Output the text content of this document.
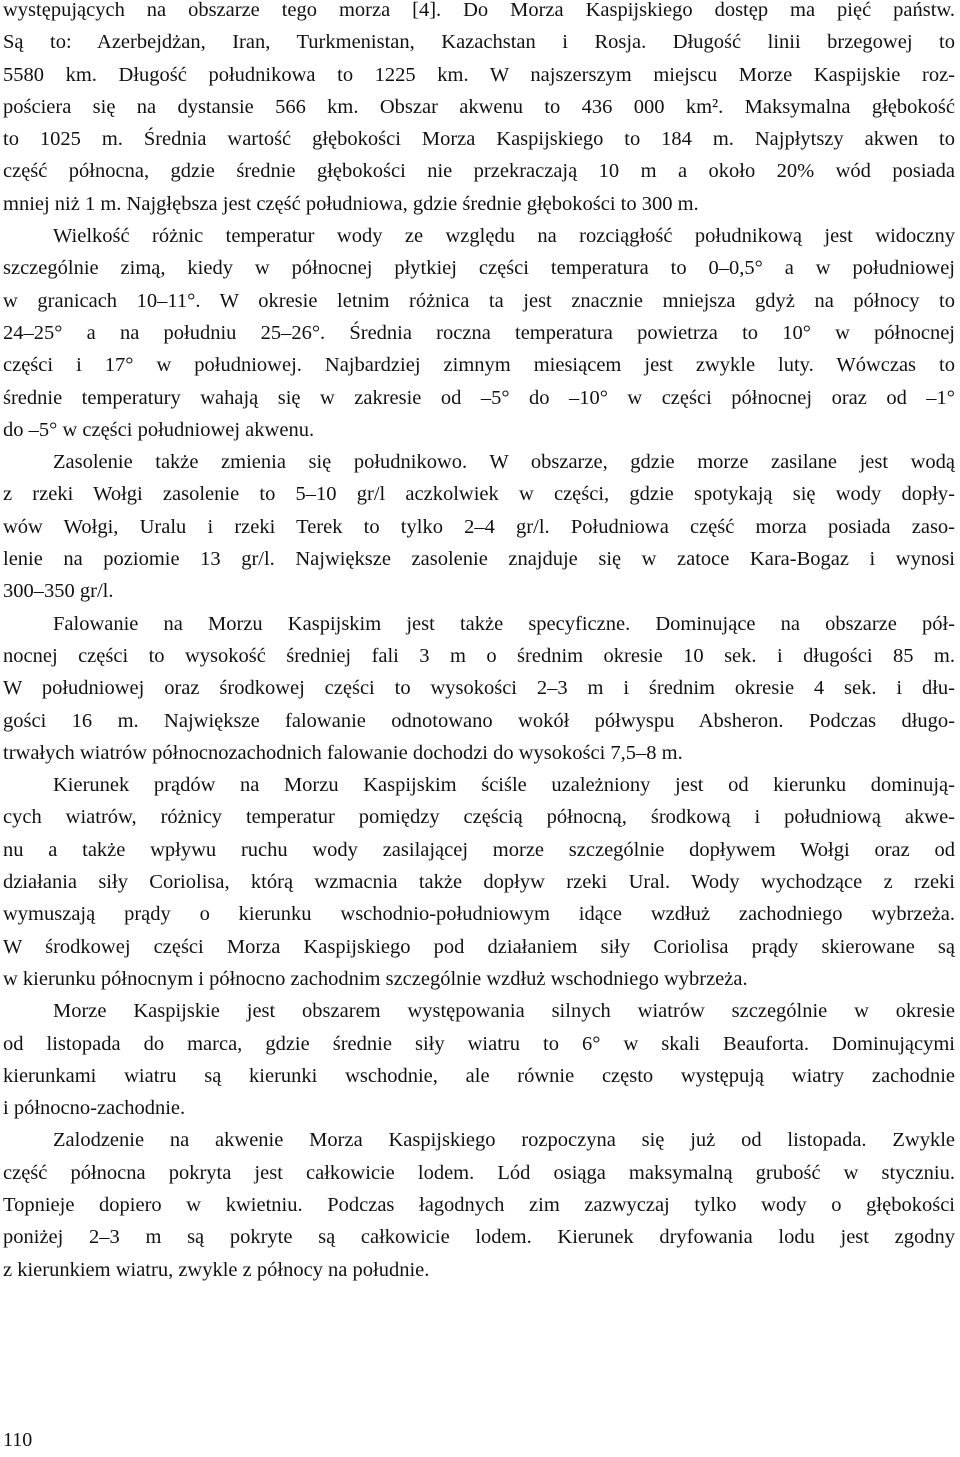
występujących na obszarze tego morza [4]. Do Morza Kaspijskiego dostęp ma pięć państw.
Są to: Azerbejdżan, Iran, Turkmenistan, Kazachstan i Rosja. Długość linii brzegowej to
5580 km. Długość południkowa to 1225 km. W najszerszym miejscu Morze Kaspijskie roz-
pościera się na dystansie 566 km. Obszar akwenu to 436 000 km². Maksymalna głębokość
to 1025 m. Średnia wartość głębokości Morza Kaspijskiego to 184 m. Najpłytszy akwen to
część północna, gdzie średnie głębokości nie przekraczają 10 m a około 20% wód posiada
mniej niż 1 m. Najgłębsza jest część południowa, gdzie średnie głębokości to 300 m.
Wielkość różnic temperatur wody ze względu na rozciągłość południkową jest widoczny
szczególnie zimą, kiedy w północnej płytkiej części temperatura to 0–0,5° a w południowej
w granicach 10–11°. W okresie letnim różnica ta jest znacznie mniejsza gdyż na północy to
24–25° a na południu 25–26°. Średnia roczna temperatura powietrza to 10° w północnej
części i 17° w południowej. Najbardziej zimnym miesiącem jest zwykle luty. Wówczas to
średnie temperatury wahają się w zakresie od –5° do –10° w części północnej oraz od –1°
do –5° w części południowej akwenu.
Zasolenie także zmienia się południkowo. W obszarze, gdzie morze zasilane jest wodą
z rzeki Wołgi zasolenie to 5–10 gr/l aczkolwiek w części, gdzie spotykają się wody dopły-
wów Wołgi, Uralu i rzeki Terek to tylko 2–4 gr/l. Południowa część morza posiada zaso-
lenie na poziomie 13 gr/l. Największe zasolenie znajduje się w zatoce Kara-Bogaz i wynosi
300–350 gr/l.
Falowanie na Morzu Kaspijskim jest także specyficzne. Dominujące na obszarze pół-
nocnej części to wysokość średniej fali 3 m o średnim okresie 10 sek. i długości 85 m.
W południowej oraz środkowej części to wysokości 2–3 m i średnim okresie 4 sek. i dłu-
gości 16 m. Największe falowanie odnotowano wokół półwyspu Absheron. Podczas długo-
trwałych wiatrów północnozachodnich falowanie dochodzi do wysokości 7,5–8 m.
Kierunek prądów na Morzu Kaspijskim ściśle uzależniony jest od kierunku dominują-
cych wiatrów, różnicy temperatur pomiędzy częścią północną, środkową i południową akwe-
nu a także wpływu ruchu wody zasilającej morze szczególnie dopływem Wołgi oraz od
działania siły Coriolisa, którą wzmacnia także dopływ rzeki Ural. Wody wychodzące z rzeki
wymuszają prądy o kierunku wschodnio-południowym idące wzdłuż zachodniego wybrzeża.
W środkowej części Morza Kaspijskiego pod działaniem siły Coriolisa prądy skierowane są
w kierunku północnym i północno zachodnim szczególnie wzdłuż wschodniego wybrzeża.
Morze Kaspijskie jest obszarem występowania silnych wiatrów szczególnie w okresie
od listopada do marca, gdzie średnie siły wiatru to 6° w skali Beauforta. Dominującymi
kierunkami wiatru są kierunki wschodnie, ale równie często występują wiatry zachodnie
i północno-zachodnie.
Zalodzenie na akwenie Morza Kaspijskiego rozpoczyna się już od listopada. Zwykle
część północna pokryta jest całkowicie lodem. Lód osiąga maksymalną grubość w styczniu.
Topnieje dopiero w kwietniu. Podczas łagodnych zim zazwyczaj tylko wody o głębokości
poniżej 2–3 m są pokryte są całkowicie lodem. Kierunek dryfowania lodu jest zgodny
z kierunkiem wiatru, zwykle z północy na południe.
110
